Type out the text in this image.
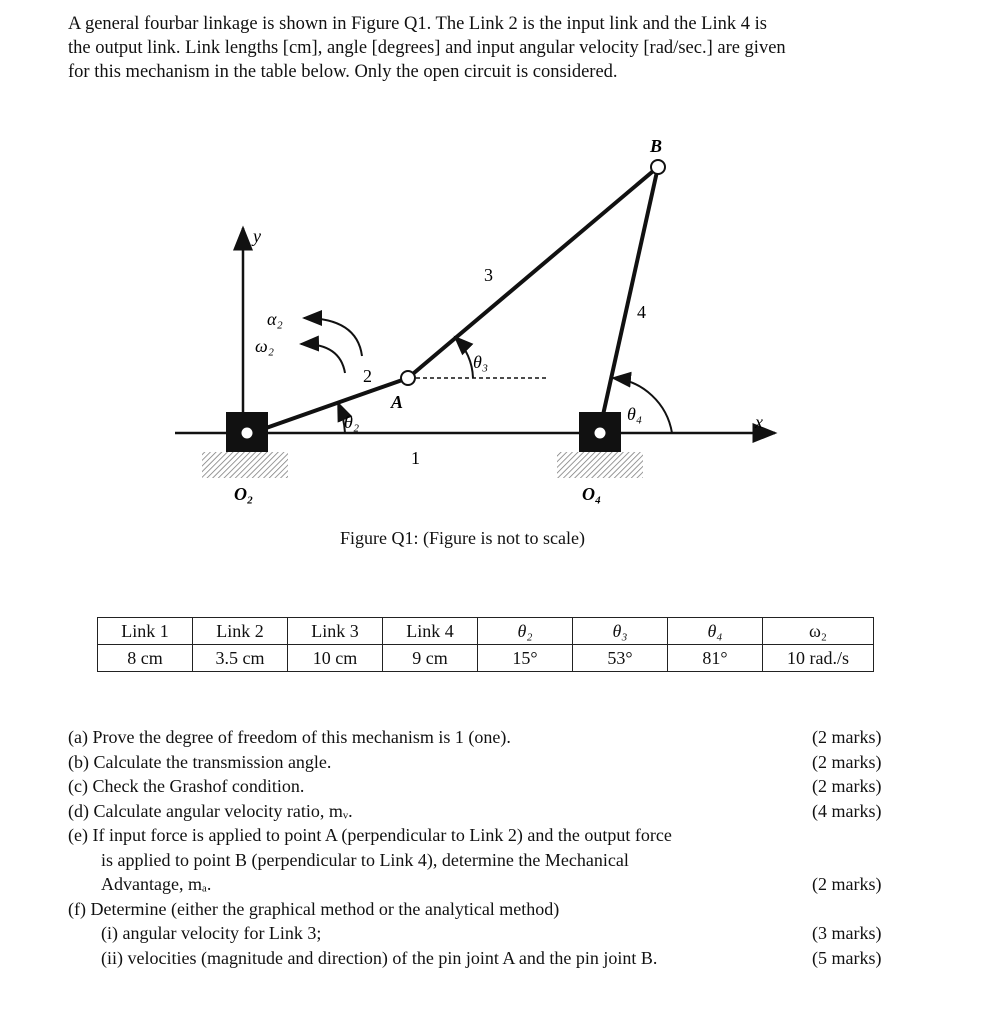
A general fourbar linkage is shown in Figure Q1. The Link 2 is the input link and the Link 4 is

the output link. Link lengths [cm], angle [degrees] and input angular velocity [rad/sec.] are given

for this mechanism in the table below. Only the open circuit is considered.

B
A
y
x
1
2
3
4
O₂	O₄
α₂
ω₂
θ₂
θ₃
θ₄
Figure Q1: (Figure is not to scale)
Link 1	Link 2	Link 3	Link 4	θ₂	θ₃	θ₄	ω₂
8 cm	3.5 cm	10 cm	9 cm	15°	53°	81°	10 rad./s
(a) Prove the degree of freedom of this mechanism is 1 (one).	(2 marks)
(b) Calculate the transmission angle.	(2 marks)
(c) Check the Grashof condition.	(2 marks)
(d) Calculate angular velocity ratio, mᵥ.	(4 marks)
(e) If input force is applied to point A (perpendicular to Link 2) and the output force
is applied to point B (perpendicular to Link 4), determine the Mechanical
Advantage, mₐ.	(2 marks)
(f) Determine (either the graphical method or the analytical method)
(i) angular velocity for Link 3;	(3 marks)
(ii) velocities (magnitude and direction) of the pin joint A and the pin joint B.	(5 marks)
